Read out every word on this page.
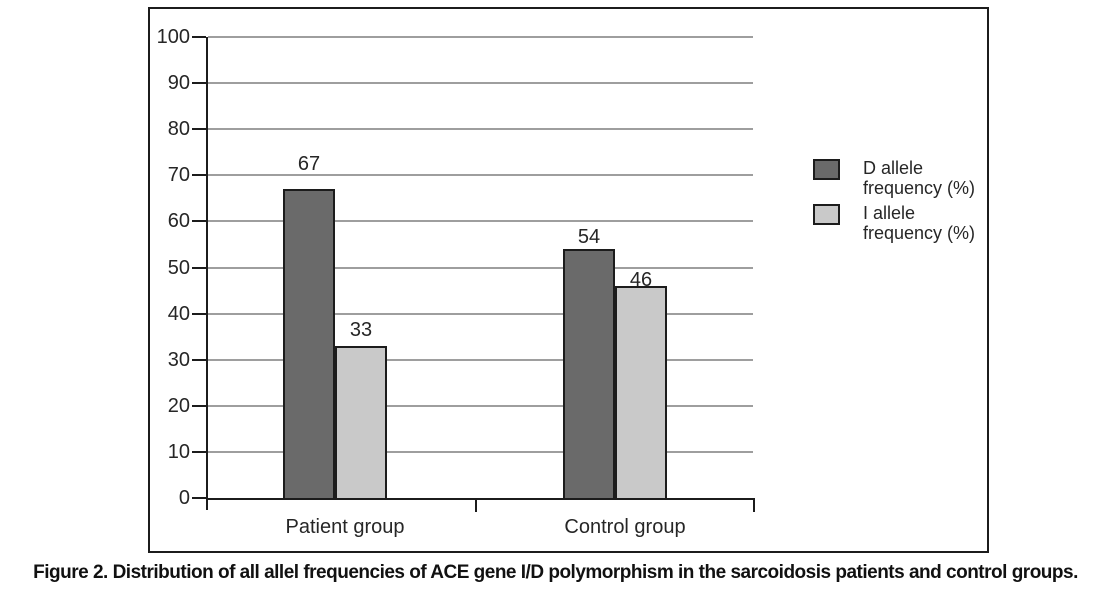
0
10
20
30
40
50
60
70
80
90
100
67
33
Patient group
54
46
Control group
D allele frequency (%)
I allele frequency (%)
Figure 2. Distribution of all allel frequencies of ACE gene I/D polymorphism in the sarcoidosis patients and control groups.
